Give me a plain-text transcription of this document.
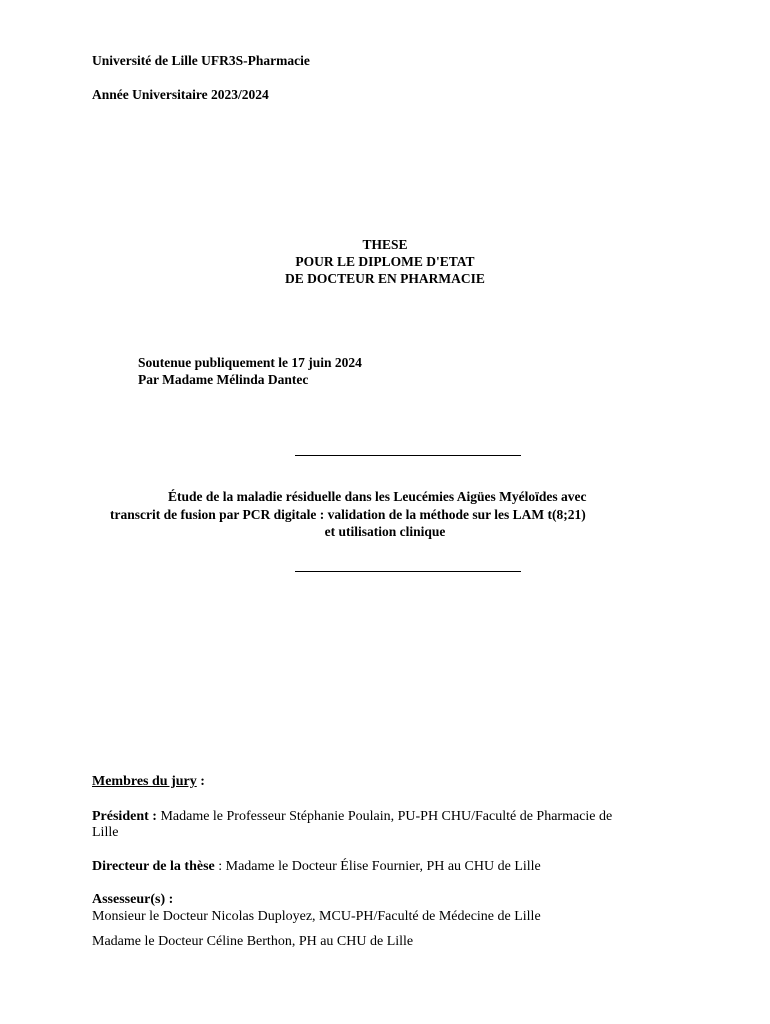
Université de Lille UFR3S-Pharmacie
Année Universitaire 2023/2024
THESE
POUR LE DIPLOME D'ETAT
DE DOCTEUR EN PHARMACIE
Soutenue publiquement le 17 juin 2024
Par Madame Mélinda Dantec
Étude de la maladie résiduelle dans les Leucémies Aigües Myéloïdes avec
transcrit de fusion par PCR digitale : validation de la méthode sur les LAM t(8;21)
et utilisation clinique
Membres du jury :
Président : Madame le Professeur Stéphanie Poulain, PU-PH CHU/Faculté de Pharmacie de
Lille
Directeur de la thèse : Madame le Docteur Élise Fournier, PH au CHU de Lille
Assesseur(s) :
Monsieur le Docteur Nicolas Duployez, MCU-PH/Faculté de Médecine de Lille
Madame le Docteur Céline Berthon, PH au CHU de Lille
